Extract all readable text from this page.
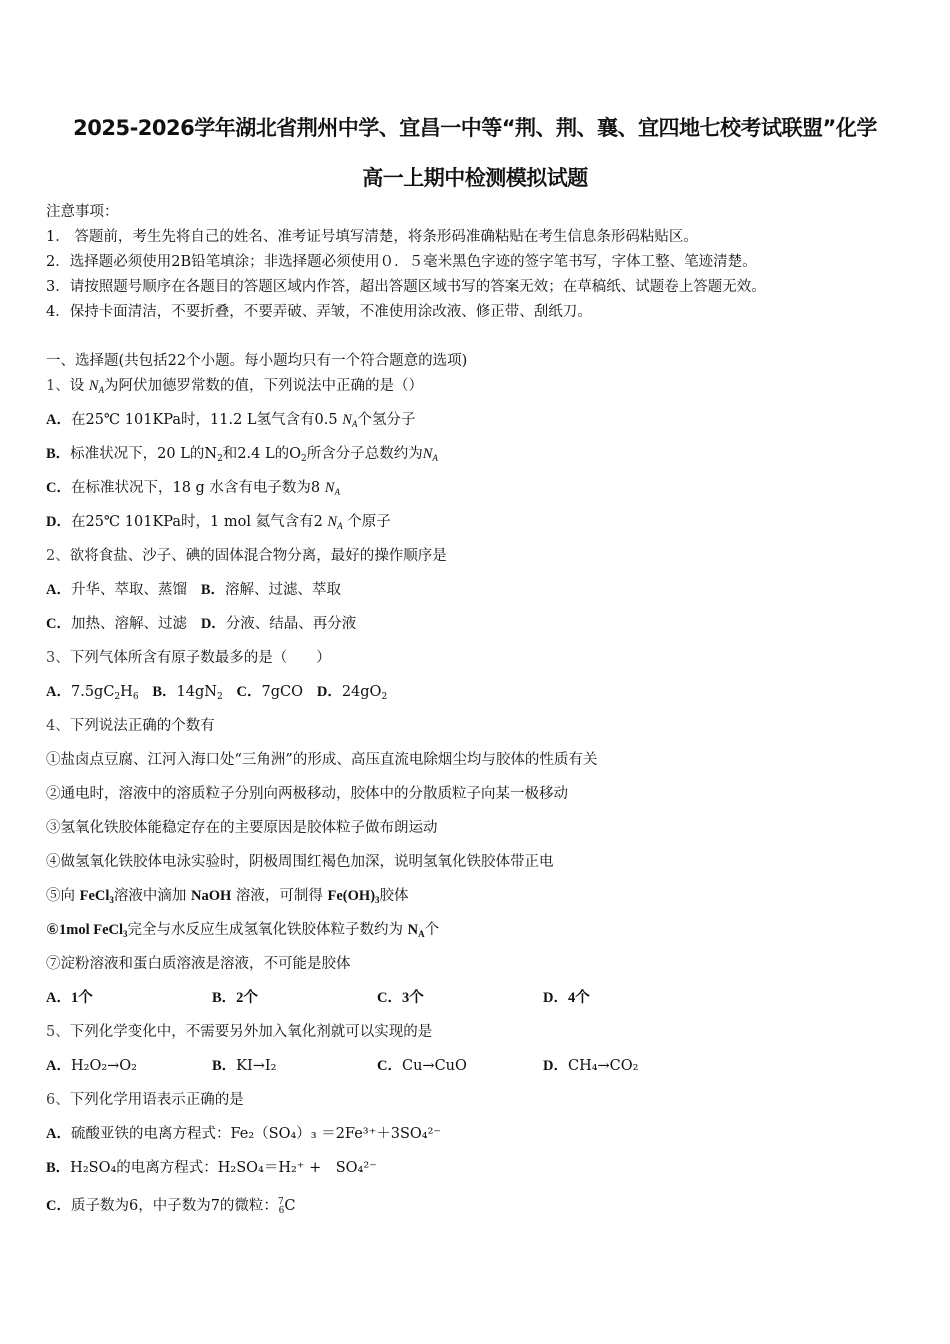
2025-2026学年湖北省荆州中学、宜昌一中等“荆、荆、襄、宜四地七校考试联盟”化学
高一上期中检测模拟试题
注意事项：
1． 答题前，考生先将自己的姓名、准考证号填写清楚，将条形码准确粘贴在考生信息条形码粘贴区。
2．选择题必须使用2B铅笔填涂；非选择题必须使用０．５毫米黑色字迹的签字笔书写，字体工整、笔迹清楚。
3．请按照题号顺序在各题目的答题区域内作答，超出答题区域书写的答案无效；在草稿纸、试题卷上答题无效。
4．保持卡面清洁，不要折叠，不要弄破、弄皱，不准使用涂改液、修正带、刮纸刀。
一、选择题(共包括22个小题。每小题均只有一个符合题意的选项)
1、设 $N_A$为阿伏加德罗常数的值，下列说法中正确的是（）
A．在25℃ 101KPa时，11.2 L氢气含有0.5 $N_A$个氢分子
B．标准状况下，20 L的$N_2$和2.4 L的$O_2$所含分子总数约为$N_A$
C．在标准状况下，18 g 水含有电子数为8 $N_A$
D．在25℃ 101KPa时，1 mol 氦气含有2 $N_A$ 个原子
2、欲将食盐、沙子、碘的固体混合物分离，最好的操作顺序是
A．升华、萃取、蒸馏 B．溶解、过滤、萃取
C．加热、溶解、过滤 D．分液、结晶、再分液
3、下列气体所含有原子数最多的是（　　）
A．$7.5gC_2H_6$ B．$14gN_2$ C．7gCO D．$24gO_2$
4、下列说法正确的个数有
①盐卤点豆腐、江河入海口处“三角洲”的形成、高压直流电除烟尘均与胶体的性质有关
②通电时，溶液中的溶质粒子分别向两极移动，胶体中的分散质粒子向某一极移动
③氢氧化铁胶体能稳定存在的主要原因是胶体粒子做布朗运动
④做氢氧化铁胶体电泳实验时，阴极周围红褐色加深，说明氢氧化铁胶体带正电
⑤向 FeCl$_3$溶液中滴加 NaOH 溶液，可制得 $Fe(OH)_3$胶体
⑥1mol FeCl$_3$完全与水反应生成氢氧化铁胶体粒子数约为 $N_A$个
⑦淀粉溶液和蛋白质溶液是溶液，不可能是胶体
A．1个	B．2个	C．3个	D．4个
5、下列化学变化中，不需要另外加入氧化剂就可以实现的是
A．H₂O₂→O₂	B．KI→I₂	C．Cu→CuO	D．CH₄→CO₂
6、下列化学用语表示正确的是
A．硫酸亚铁的电离方程式：Fe₂（SO₄）₃ ＝2Fe³⁺＋3SO₄²⁻
B．H₂SO₄的电离方程式：H₂SO₄＝H₂⁺ +　SO₄²⁻
C．质子数为6，中子数为7的微粒：$^7_6$C
